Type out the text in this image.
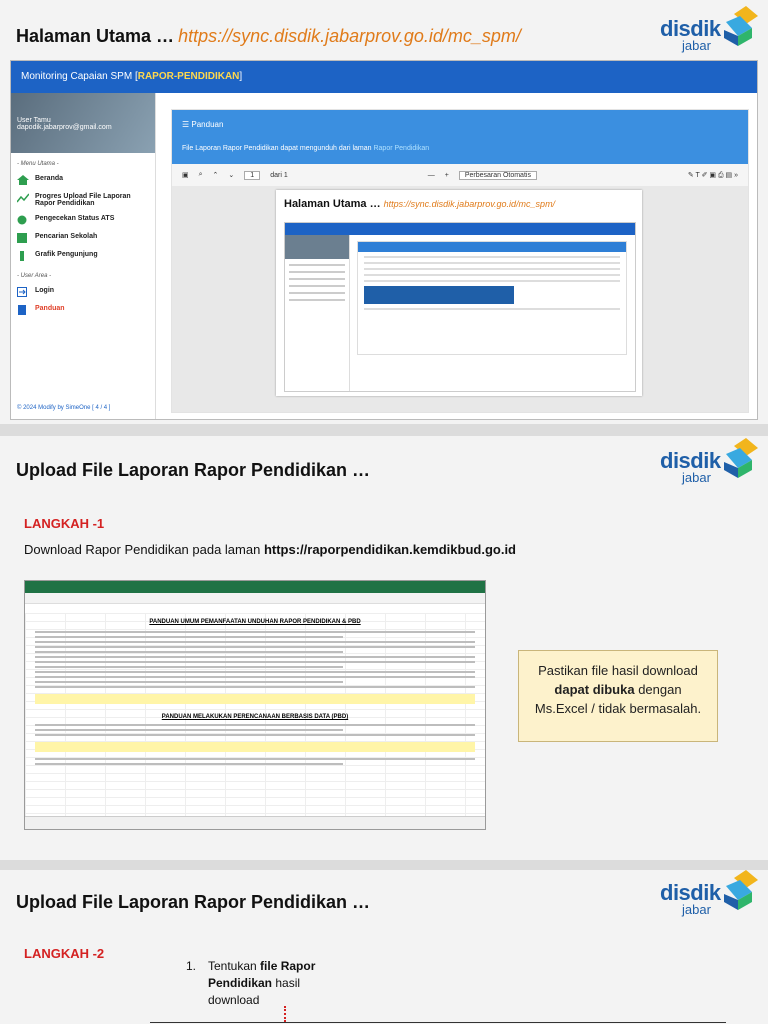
Halaman Utama … https://sync.disdik.jabarprov.go.id/mc_spm/	disdik
jabar
Monitoring Capaian SPM [RAPOR-PENDIDIKAN]
User Tamu
dapodik.jabarprov@gmail.com
- Menu Utama -
Beranda
Progres Upload File Laporan Rapor Pendidikan
Pengecekan Status ATS
Pencarian Sekolah
Grafik Pengunjung
- User Area -
Login
Panduan
© 2024 Modify by SimeOne [ 4 / 4 ]
☰ Panduan
File Laporan Rapor Pendidikan dapat mengunduh dari laman Rapor Pendidikan
▣ ⌕ ⌃ ⌄	1	dari 1	— +	Perbesaran Otomatis	✎ T ✐ ▣ ⎙ ▤ »
Halaman Utama … https://sync.disdik.jabarprov.go.id/mc_spm/
Upload File Laporan Rapor Pendidikan …	disdik
jabar
LANGKAH -1
Download Rapor Pendidikan pada laman https://raporpendidikan.kemdikbud.go.id
PANDUAN UMUM PEMANFAATAN UNDUHAN RAPOR PENDIDIKAN & PBD
PANDUAN MELAKUKAN PERENCANAAN BERBASIS DATA (PBD)
Pastikan file hasil download dapat dibuka dengan Ms.Excel / tidak bermasalah.
Upload File Laporan Rapor Pendidikan …	disdik
jabar
LANGKAH -2
1. Tentukan file Rapor Pendidikan hasil download
